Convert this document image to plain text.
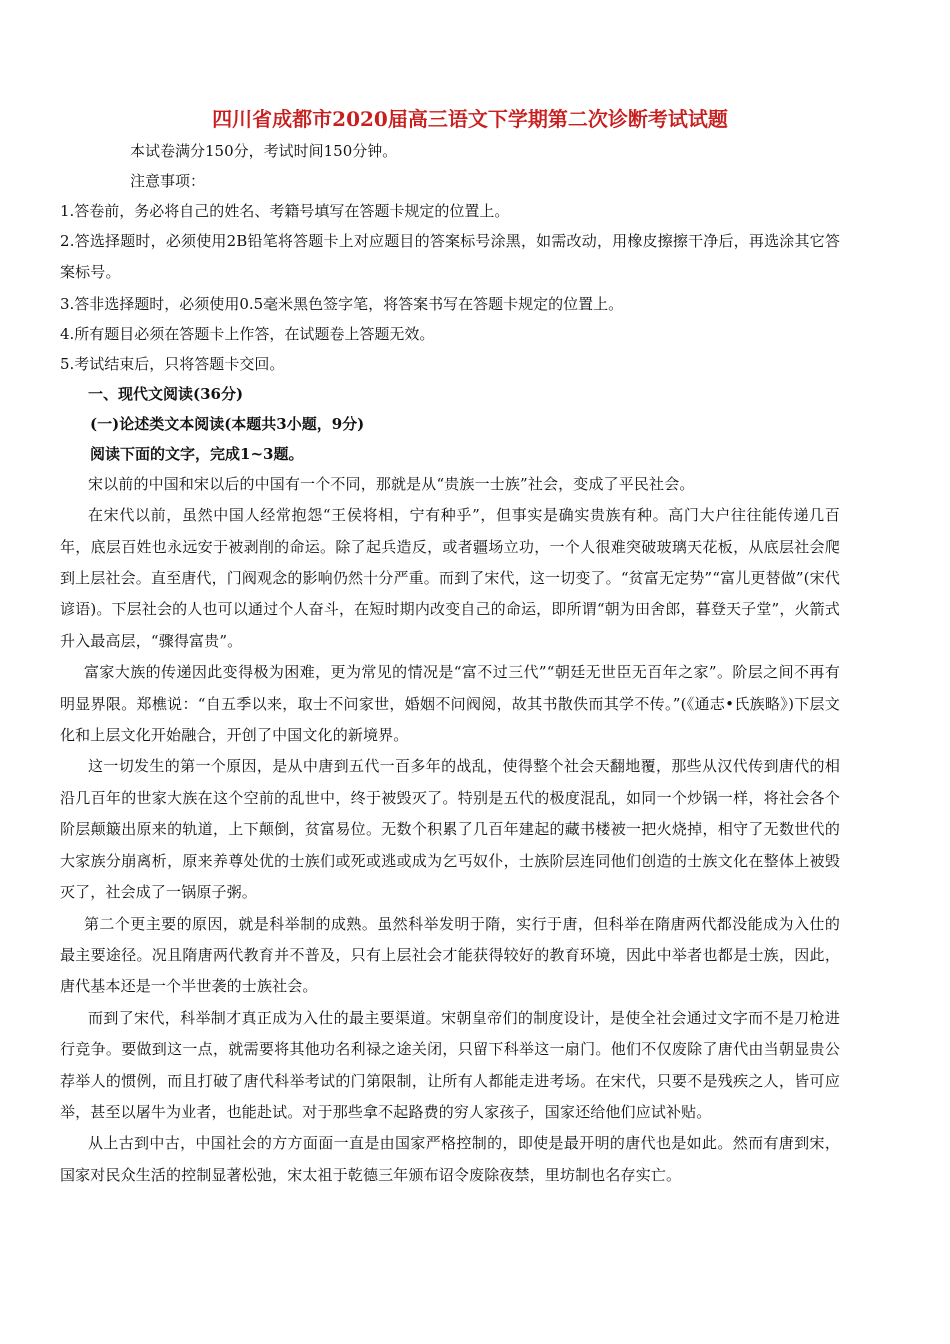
四川省成都市2020届高三语文下学期第二次诊断考试试题

本试卷满分150分，考试时间150分钟。

注意事项：

1.答卷前，务必将自己的姓名、考籍号填写在答题卡规定的位置上。

2.答选择题时，必须使用2B铅笔将答题卡上对应题目的答案标号涂黑，如需改动，用橡皮擦擦干净后，再选涂其它答案标号。

3.答非选择题时，必须使用0.5毫米黑色签字笔，将答案书写在答题卡规定的位置上。

4.所有题目必须在答题卡上作答，在试题卷上答题无效。

5.考试结束后，只将答题卡交回。

一、现代文阅读(36分)

(一)论述类文本阅读(本题共3小题，9分)

阅读下面的文字，完成1~3题。

宋以前的中国和宋以后的中国有一个不同，那就是从“贵族一士族”社会，变成了平民社会。

在宋代以前，虽然中国人经常抱怨“王侯将相，宁有种乎”，但事实是确实贵族有种。高门大户往往能传递几百年，底层百姓也永远安于被剥削的命运。除了起兵造反，或者疆场立功，一个人很难突破玻璃天花板，从底层社会爬到上层社会。直至唐代，门阀观念的影响仍然十分严重。而到了宋代，这一切变了。“贫富无定势”“富儿更替做”(宋代谚语)。下层社会的人也可以通过个人奋斗，在短时期内改变自己的命运，即所谓“朝为田舍郎，暮登天子堂”，火箭式升入最高层，“骤得富贵”。

富家大族的传递因此变得极为困难，更为常见的情况是“富不过三代”“朝廷无世臣无百年之家”。阶层之间不再有明显界限。郑樵说：“自五季以来，取士不问家世，婚姻不问阀阅，故其书散佚而其学不传。”(《通志•氏族略》)下层文化和上层文化开始融合，开创了中国文化的新境界。

这一切发生的第一个原因，是从中唐到五代一百多年的战乱，使得整个社会天翻地覆，那些从汉代传到唐代的相沿几百年的世家大族在这个空前的乱世中，终于被毁灭了。特别是五代的极度混乱，如同一个炒锅一样，将社会各个阶层颠簸出原来的轨道，上下颠倒，贫富易位。无数个积累了几百年建起的藏书楼被一把火烧掉，相守了无数世代的大家族分崩离析，原来养尊处优的士族们或死或逃或成为乞丐奴仆，士族阶层连同他们创造的士族文化在整体上被毁灭了，社会成了一锅原子粥。

第二个更主要的原因，就是科举制的成熟。虽然科举发明于隋，实行于唐，但科举在隋唐两代都没能成为入仕的最主要途径。况且隋唐两代教育并不普及，只有上层社会才能获得较好的教育环境，因此中举者也都是士族，因此，唐代基本还是一个半世袭的士族社会。

而到了宋代，科举制才真正成为入仕的最主要渠道。宋朝皇帝们的制度设计，是使全社会通过文字而不是刀枪进行竞争。要做到这一点，就需要将其他功名利禄之途关闭，只留下科举这一扇门。他们不仅废除了唐代由当朝显贵公荐举人的惯例，而且打破了唐代科举考试的门第限制，让所有人都能走进考场。在宋代，只要不是残疾之人，皆可应举，甚至以屠牛为业者，也能赴试。对于那些拿不起路费的穷人家孩子，国家还给他们应试补贴。

从上古到中古，中国社会的方方面面一直是由国家严格控制的，即使是最开明的唐代也是如此。然而有唐到宋，国家对民众生活的控制显著松弛，宋太祖于乾德三年颁布诏令废除夜禁，里坊制也名存实亡。
